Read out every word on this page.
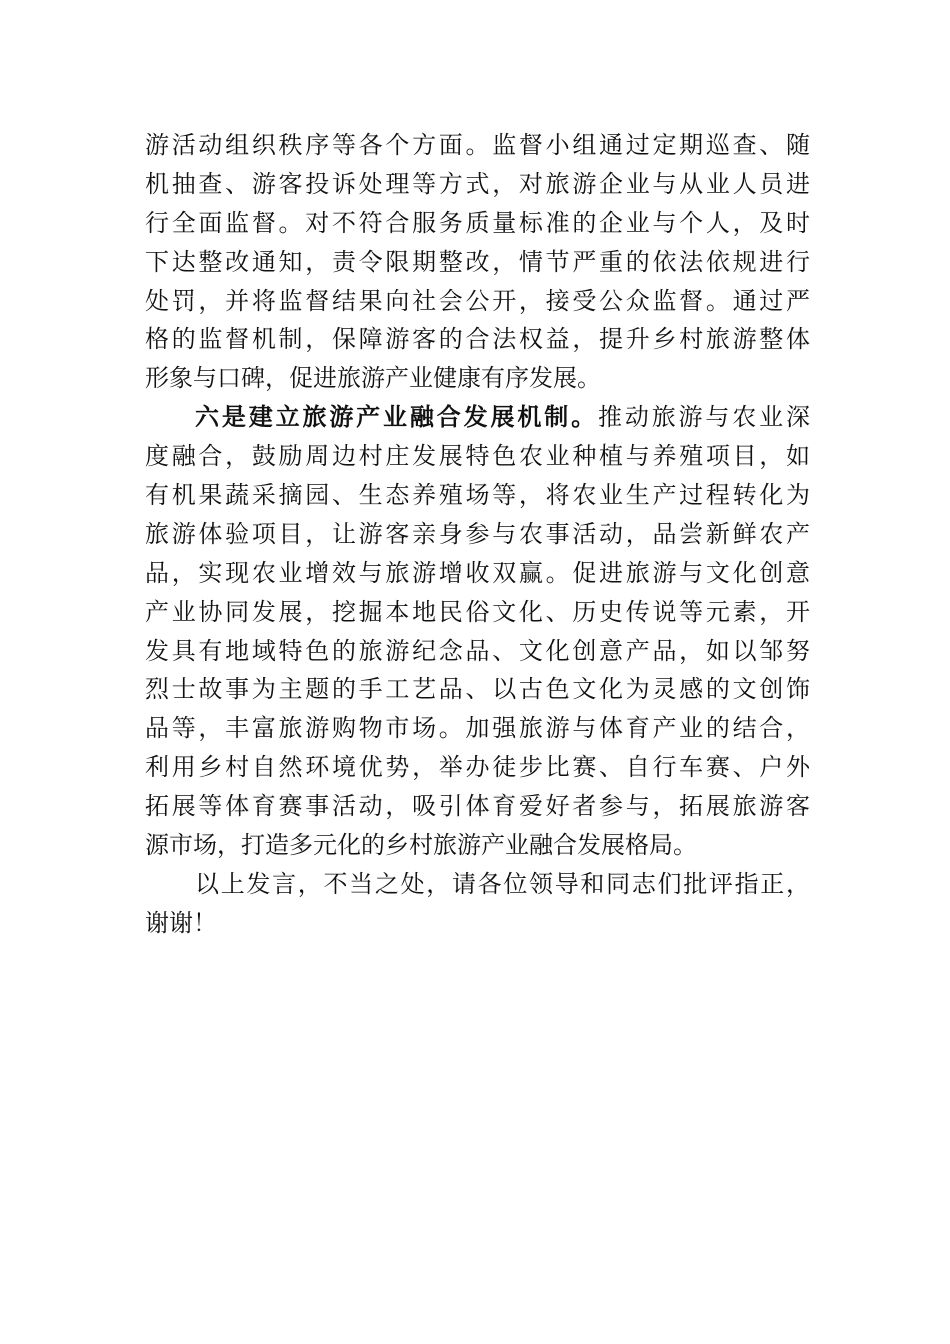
游活动组织秩序等各个方面。监督小组通过定期巡查、随
机抽查、游客投诉处理等方式，对旅游企业与从业人员进
行全面监督。对不符合服务质量标准的企业与个人，及时
下达整改通知，责令限期整改，情节严重的依法依规进行
处罚，并将监督结果向社会公开，接受公众监督。通过严
格的监督机制，保障游客的合法权益，提升乡村旅游整体
形象与口碑，促进旅游产业健康有序发展。
六是建立旅游产业融合发展机制。推动旅游与农业深
度融合，鼓励周边村庄发展特色农业种植与养殖项目，如
有机果蔬采摘园、生态养殖场等，将农业生产过程转化为
旅游体验项目，让游客亲身参与农事活动，品尝新鲜农产
品，实现农业增效与旅游增收双赢。促进旅游与文化创意
产业协同发展，挖掘本地民俗文化、历史传说等元素，开
发具有地域特色的旅游纪念品、文化创意产品，如以邹努
烈士故事为主题的手工艺品、以古色文化为灵感的文创饰
品等，丰富旅游购物市场。加强旅游与体育产业的结合，
利用乡村自然环境优势，举办徒步比赛、自行车赛、户外
拓展等体育赛事活动，吸引体育爱好者参与，拓展旅游客
源市场，打造多元化的乡村旅游产业融合发展格局。
以上发言，不当之处，请各位领导和同志们批评指正，
谢谢！
